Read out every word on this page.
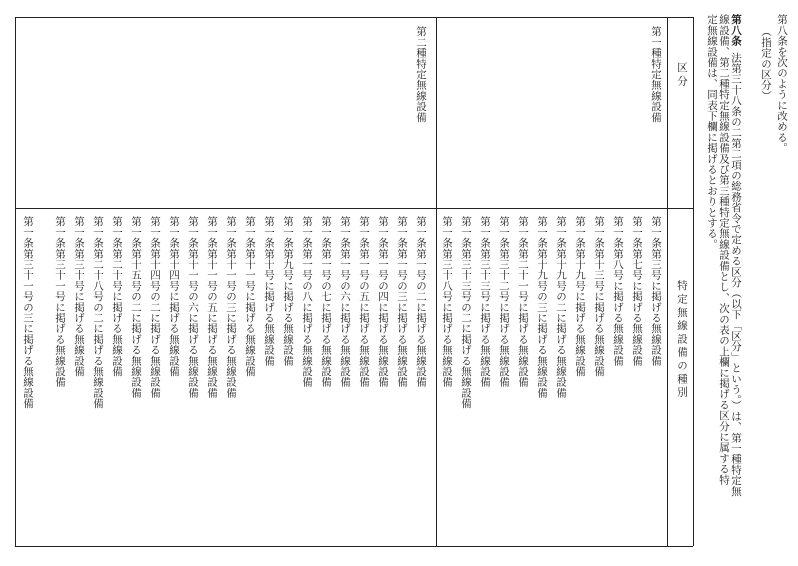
第八条を次のように改める。
（指定の区分）
第八条法第三十八条の二第二項の総務省令で定める区分（以下「区分」という。）は、第一種特定無
線設備、第二種特定無線設備及び第三種特定無線設備とし、次の表の上欄に掲げる区分に属する特
定無線設備は、同表下欄に掲げるとおりとする。
区分
特定無線設備の種別
第一種特定無線設備
第二種特定無線設備
第一条第三号に掲げる無線設備
第一条第七号に掲げる無線設備
第一条第八号に掲げる無線設備
第一条第十三号に掲げる無線設備
第一条第十九号に掲げる無線設備
第一条第十九号の二に掲げる無線設備
第一条第十九号の三に掲げる無線設備
第一条第二十一号に掲げる無線設備
第一条第三十二号に掲げる無線設備
第一条第三十三号に掲げる無線設備
第一条第三十三号の二に掲げる無線設備
第一条第三十八号に掲げる無線設備
第一条第一号の二に掲げる無線設備
第一条第一号の三に掲げる無線設備
第一条第一号の四に掲げる無線設備
第一条第一号の五に掲げる無線設備
第一条第一号の六に掲げる無線設備
第一条第一号の七に掲げる無線設備
第一条第一号の八に掲げる無線設備
第一条第九号に掲げる無線設備
第一条第十号に掲げる無線設備
第一条第十一号に掲げる無線設備
第一条第十一号の三に掲げる無線設備
第一条第十一号の五に掲げる無線設備
第一条第十一号の六に掲げる無線設備
第一条第十四号に掲げる無線設備
第一条第十四号の二に掲げる無線設備
第一条第十五号の二に掲げる無線設備
第一条第二十号に掲げる無線設備
第一条第二十八号の二に掲げる無線設備
第一条第三十号に掲げる無線設備
第一条第三十一号に掲げる無線設備
第一条第三十一号の三に掲げる無線設備
